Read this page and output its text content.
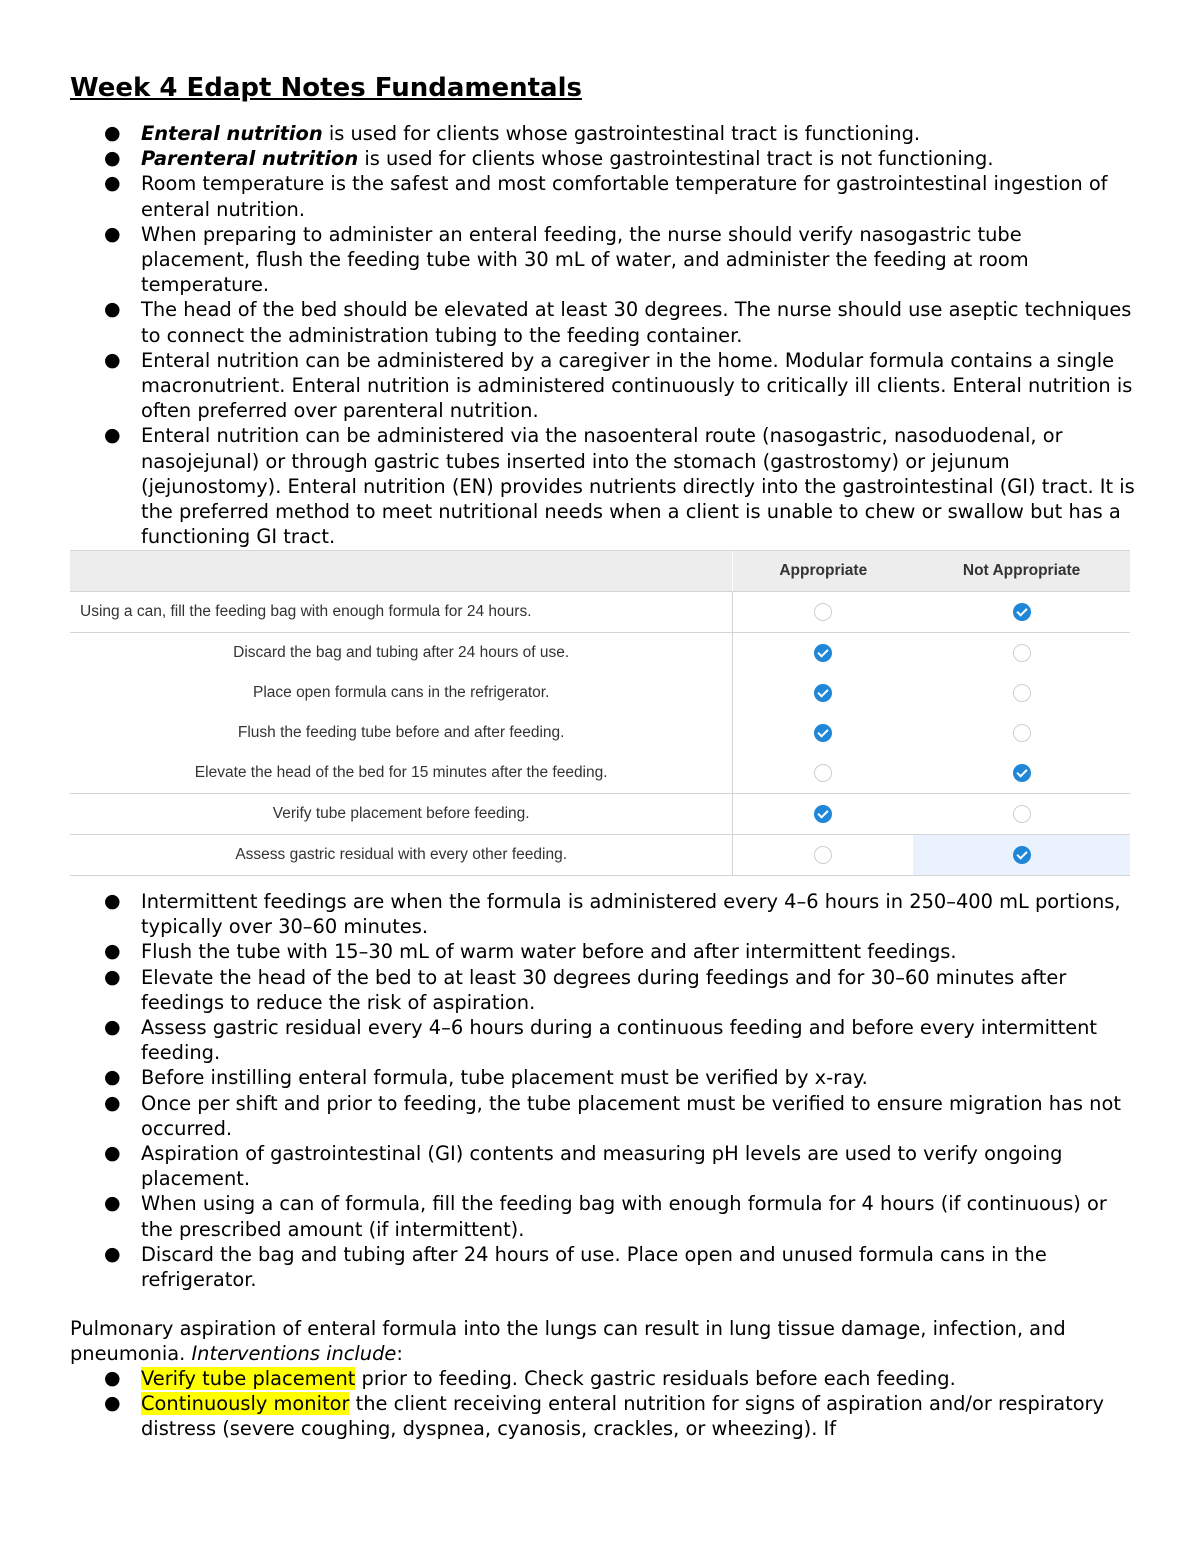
Week 4 Edapt Notes Fundamentals
● Enteral nutrition is used for clients whose gastrointestinal tract is functioning.
● Parenteral nutrition is used for clients whose gastrointestinal tract is not functioning.
● Room temperature is the safest and most comfortable temperature for gastrointestinal ingestion of enteral nutrition.
● When preparing to administer an enteral feeding, the nurse should verify nasogastric tube placement, flush the feeding tube with 30 mL of water, and administer the feeding at room temperature.
● The head of the bed should be elevated at least 30 degrees. The nurse should use aseptic techniques to connect the administration tubing to the feeding container.
● Enteral nutrition can be administered by a caregiver in the home. Modular formula contains a single macronutrient. Enteral nutrition is administered continuously to critically ill clients. Enteral nutrition is often preferred over parenteral nutrition.
● Enteral nutrition can be administered via the nasoenteral route (nasogastric, nasoduodenal, or nasojejunal) or through gastric tubes inserted into the stomach (gastrostomy) or jejunum (jejunostomy). Enteral nutrition (EN) provides nutrients directly into the gastrointestinal (GI) tract. It is the preferred method to meet nutritional needs when a client is unable to chew or swallow but has a functioning GI tract.
Appropriate	Not Appropriate
Using a can, fill the feeding bag with enough formula for 24 hours.
Discard the bag and tubing after 24 hours of use.
Place open formula cans in the refrigerator.
Flush the feeding tube before and after feeding.
Elevate the head of the bed for 15 minutes after the feeding.
Verify tube placement before feeding.
Assess gastric residual with every other feeding.
● Intermittent feedings are when the formula is administered every 4–6 hours in 250–400 mL portions, typically over 30–60 minutes.
● Flush the tube with 15–30 mL of warm water before and after intermittent feedings.
● Elevate the head of the bed to at least 30 degrees during feedings and for 30–60 minutes after feedings to reduce the risk of aspiration.
● Assess gastric residual every 4–6 hours during a continuous feeding and before every intermittent feeding.
● Before instilling enteral formula, tube placement must be verified by x-ray.
● Once per shift and prior to feeding, the tube placement must be verified to ensure migration has not occurred.
● Aspiration of gastrointestinal (GI) contents and measuring pH levels are used to verify ongoing placement.
● When using a can of formula, fill the feeding bag with enough formula for 4 hours (if continuous) or the prescribed amount (if intermittent).
● Discard the bag and tubing after 24 hours of use. Place open and unused formula cans in the refrigerator.

Pulmonary aspiration of enteral formula into the lungs can result in lung tissue damage, infection, and pneumonia. Interventions include:

● Verify tube placement prior to feeding. Check gastric residuals before each feeding.
● Continuously monitor the client receiving enteral nutrition for signs of aspiration and/or respiratory distress (severe coughing, dyspnea, cyanosis, crackles, or wheezing). If
